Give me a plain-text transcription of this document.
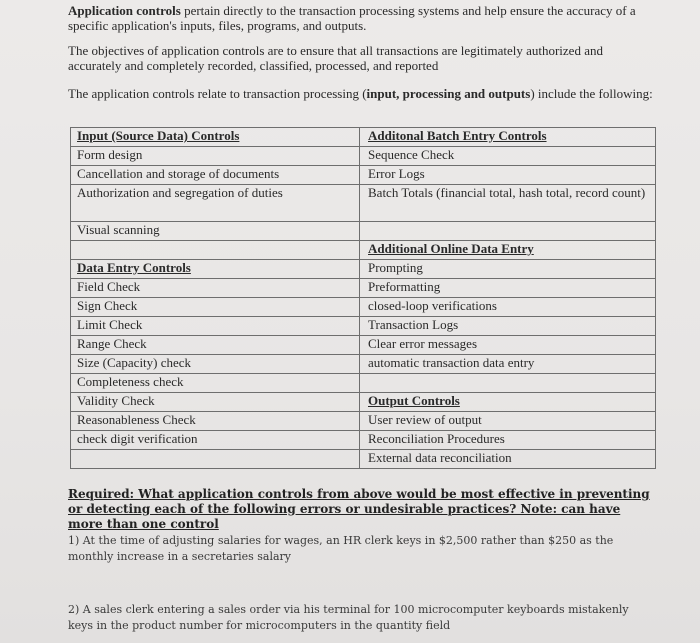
Application controls pertain directly to the transaction processing systems and help ensure the accuracy of a specific application's inputs, files, programs, and outputs.
The objectives of application controls are to ensure that all transactions are legitimately authorized and accurately and completely recorded, classified, processed, and reported
The application controls relate to transaction processing (input, processing and outputs) include the following:
Input (Source Data) Controls	Additonal Batch Entry Controls
Form design	Sequence Check
Cancellation and storage of documents	Error Logs
Authorization and segregation of duties	Batch Totals (financial total, hash total, record count)
Visual scanning	
	Additional Online Data Entry
Data Entry Controls	Prompting
Field Check	Preformatting
Sign Check	closed-loop verifications
Limit Check	Transaction Logs
Range Check	Clear error messages
Size (Capacity) check	automatic transaction data entry
Completeness check	
Validity Check	Output Controls
Reasonableness Check	User review of output
check digit verification	Reconciliation Procedures
	External data reconciliation
Required: What application controls from above would be most effective in preventing or detecting each of the following errors or undesirable practices? Note: can have more than one control
1) At the time of adjusting salaries for wages, an HR clerk keys in $2,500 rather than $250 as the monthly increase in a secretaries salary
2) A sales clerk entering a sales order via his terminal for 100 microcomputer keyboards mistakenly keys in the product number for microcomputers in the quantity field
